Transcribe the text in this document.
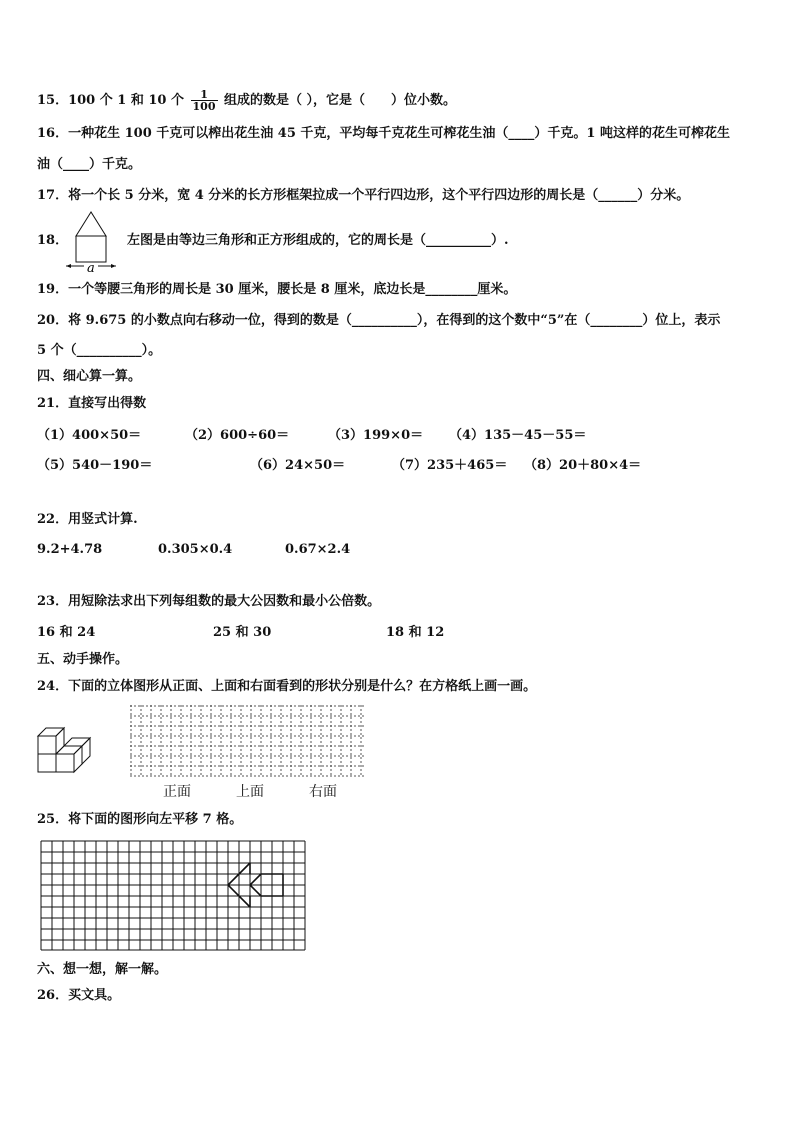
15．100 个 1 和 10 个 $\frac{1}{100}$ 组成的数是（ ），它是（　　）位小数。
16．一种花生 100 千克可以榨出花生油 45 千克，平均每千克花生可榨花生油（____）千克。1 吨这样的花生可榨花生
油（____）千克。
17．将一个长 5 分米，宽 4 分米的长方形框架拉成一个平行四边形，这个平行四边形的周长是（______）分米。
18．
a
左图是由等边三角形和正方形组成的，它的周长是（__________）.
19．一个等腰三角形的周长是 30 厘米，腰长是 8 厘米，底边长是________厘米。
20．将 9.675 的小数点向右移动一位，得到的数是（__________），在得到的这个数中“5”在（________）位上，表示
5 个（__________）。
四、细心算一算。
21．直接写出得数
（1）400×50＝	（2）600÷60＝	（3）199×0＝ （4）135－45－55＝
（5）540－190＝	（6）24×50＝	（7）235＋465＝ （8）20＋80×4＝
22．用竖式计算.
9.2+4.78	0.305×0.4	0.67×2.4
23．用短除法求出下列每组数的最大公因数和最小公倍数。
16 和 24	25 和 30	18 和 12
五、动手操作。
24．下面的立体图形从正面、上面和右面看到的形状分别是什么？在方格纸上画一画。
正面	上面	右面
25．将下面的图形向左平移 7 格。
六、想一想，解一解。
26．买文具。
